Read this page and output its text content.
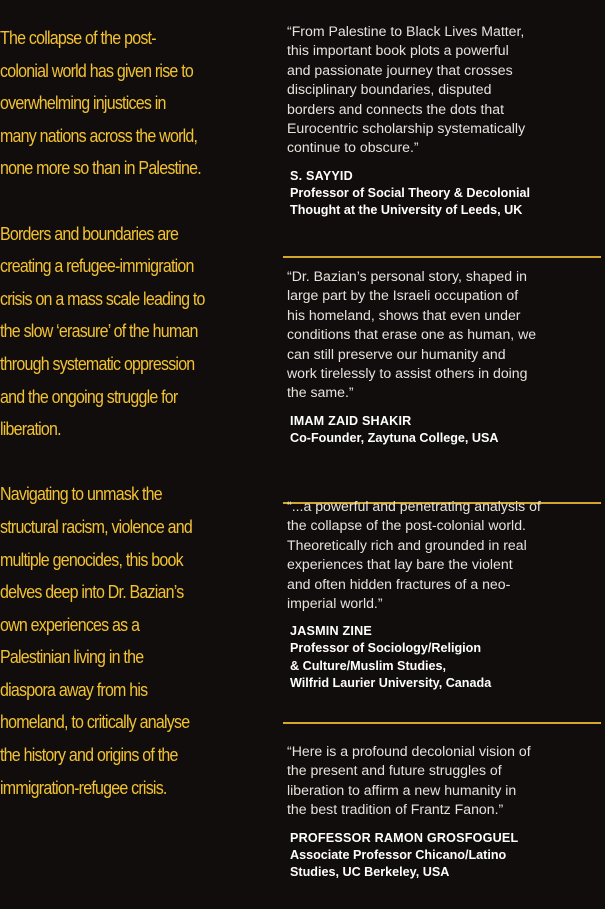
The collapse of the post-
colonial world has given rise to
overwhelming injustices in
many nations across the world,
none more so than in Palestine.

Borders and boundaries are
creating a refugee-immigration
crisis on a mass scale leading to
the slow ‘erasure’ of the human
through systematic oppression
and the ongoing struggle for
liberation.

Navigating to unmask the
structural racism, violence and
multiple genocides, this book
delves deep into Dr. Bazian’s
own experiences as a
Palestinian living in the
diaspora away from his
homeland, to critically analyse
the history and origins of the
immigration-refugee crisis.

“From Palestine to Black Lives Matter,
this important book plots a powerful
and passionate journey that crosses
disciplinary boundaries, disputed
borders and connects the dots that
Eurocentric scholarship systematically
continue to obscure.”

S. SAYYID
Professor of Social Theory & Decolonial
Thought at the University of Leeds, UK

“Dr. Bazian’s personal story, shaped in
large part by the Israeli occupation of
his homeland, shows that even under
conditions that erase one as human, we
can still preserve our humanity and
work tirelessly to assist others in doing
the same.”

IMAM ZAID SHAKIR
Co-Founder, Zaytuna College, USA

“...a powerful and penetrating analysis of
the collapse of the post-colonial world.
Theoretically rich and grounded in real
experiences that lay bare the violent
and often hidden fractures of a neo-
imperial world.”

JASMIN ZINE
Professor of Sociology/Religion
& Culture/Muslim Studies,
Wilfrid Laurier University, Canada

“Here is a profound decolonial vision of
the present and future struggles of
liberation to affirm a new humanity in
the best tradition of Frantz Fanon.”

PROFESSOR RAMON GROSFOGUEL
Associate Professor Chicano/Latino
Studies, UC Berkeley, USA
